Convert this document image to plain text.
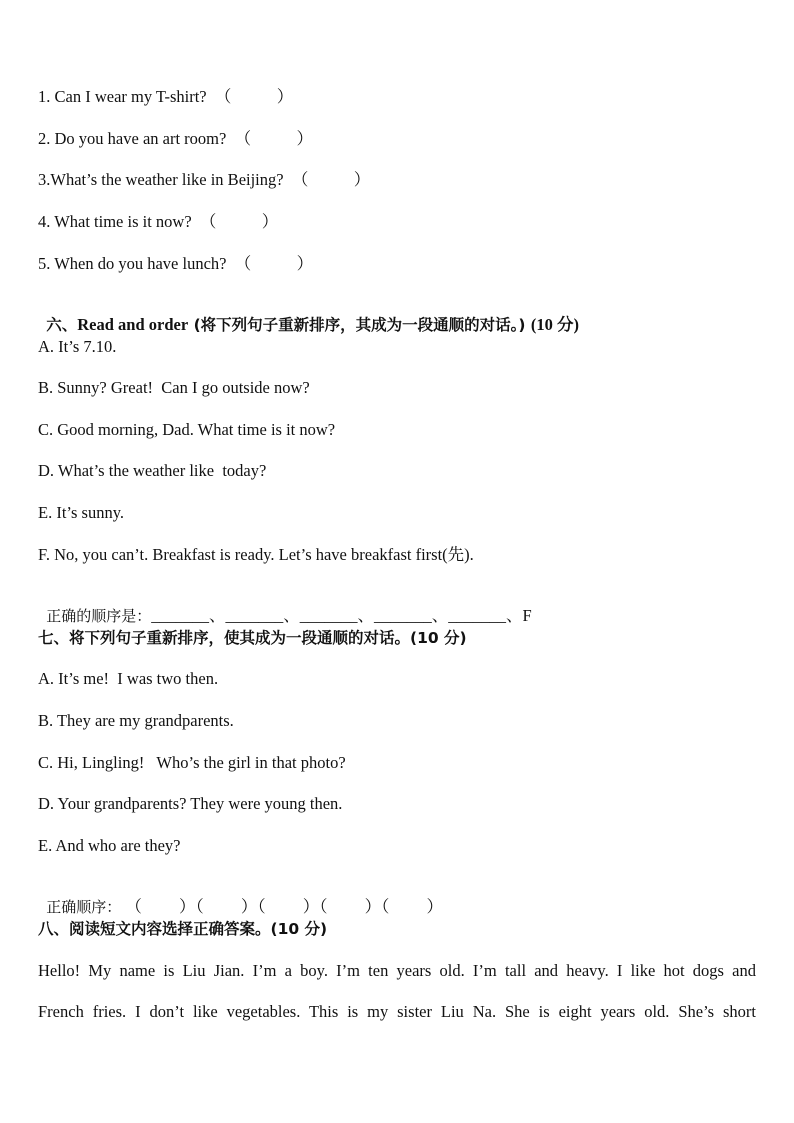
1. Can I wear my T-shirt?  （           ）
2. Do you have an art room?  （           ）
3.What’s the weather like in Beijing?  （           ）
4. What time is it now?  （           ）
5. When do you have lunch?  （           ）

六、Read and order (将下列句子重新排序，其成为一段通顺的对话。) (10 分)

A. It’s 7.10.
B. Sunny? Great!  Can I go outside now?
C. Good morning, Dad. What time is it now?
D. What’s the weather like  today?
E. It’s sunny.
F. No, you can’t. Breakfast is ready. Let’s have breakfast first(先).

正确的顺序是：_______、_______、_______、_______、_______、F

七、将下列句子重新排序，使其成为一段通顺的对话。(10 分)
A. It’s me!  I was two then.
B. They are my grandparents.
C. Hi, Lingling!   Who’s the girl in that photo?
D. Your grandparents? They were young then.
E. And who are they?

正确顺序： （         ）（         ）（         ）（         ）（         ）

八、阅读短文内容选择正确答案。(10 分)
Hello! My name is Liu Jian. I’m a boy. I’m ten years old. I’m tall and heavy. I like hot dogs and
French fries. I don’t like vegetables. This is my sister Liu Na. She is eight years old. She’s short
